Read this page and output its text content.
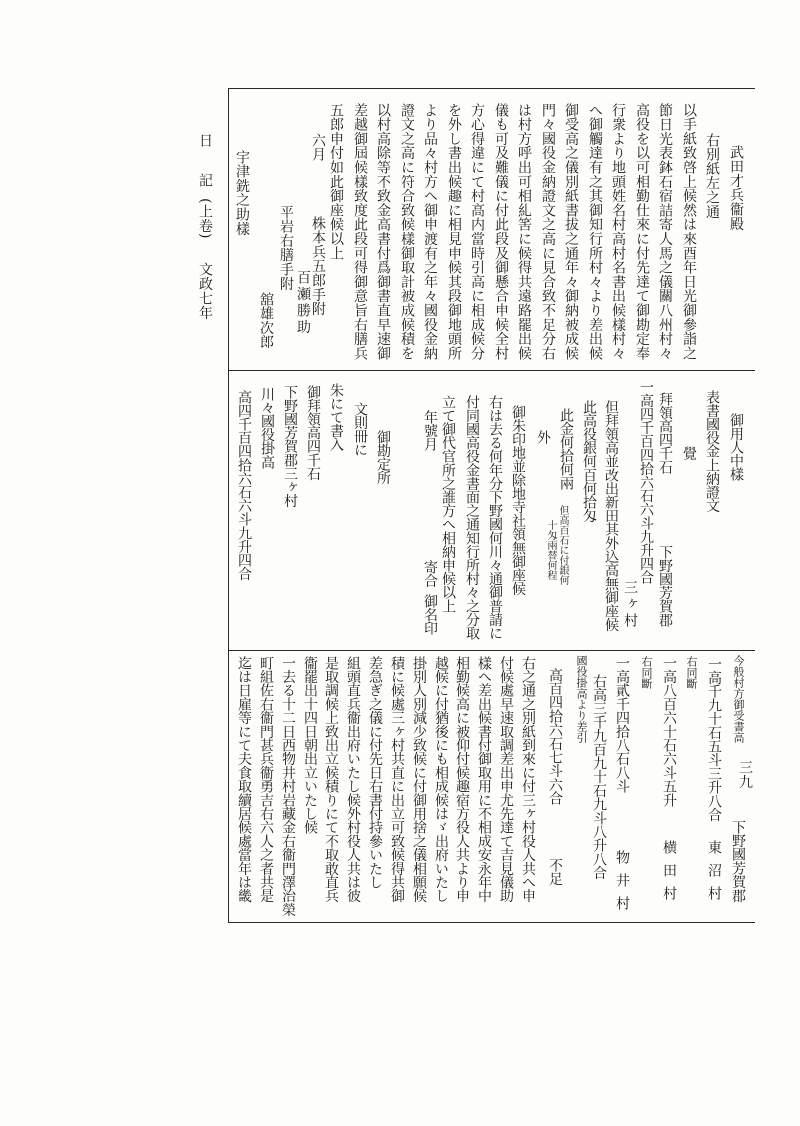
日
記
(上卷)
文政七年
三九
武田才兵衞殿
右別紙左之通
以手紙致啓上候然は來酉年日光御參詣之
節日光表鉢石宿詰寄人馬之儀關八州村々
高役を以可相勤仕來に付先達て御勘定奉
行衆より地頭姓名村高村名書出候樣村々
へ御觸達有之其御知行所村々より差出候
御受高之儀別紙書拔之通年々御納被成候
門々國役金納證文之高に見合致不足分右
は村方呼出可相糺筈に候得共遠路罷出候
儀も可及難儀に付此段及御懸合申候全村
方心得違にて村高内當時引高に相成候分
を外し書出候趣に相見申候其段御地頭所
より品々村方へ御申渡有之年々國役金納
證文之高に符合致候樣御取計被成候積を
以村高除等不致金高書付爲御書直早速御
差越御屆候樣致度此段可得御意旨右膳兵
五郎申付如此御座候以上
六月
株本兵五郎手附
百瀬勝助
平岩右膳手附
舘雄次郎
宇津銑之助樣
御用人中樣
表書國役金上納證文
覺
拜領高四千石
下野國芳賀郡
一高四千百四拾六石六斗九升四合
三ヶ村
但拜領高並改出新田其外込高無御座候
此高役銀何百何拾匁
此金何拾何兩
但高百石に付銀何
十匁兩替何程
外
御朱印地並除地寺社領無御座候
右は去る何年分下野國何川々通御普請に
付同國高役金書面之通知行所村々之分取
立て御代官所之誰方へ相納申候以上
年號月
寄合
御名印
御勘定所
文則冊に
朱にて書入
御拜領高四千石
下野國芳賀郡三ヶ村
川々國役掛高
高四千百四拾六石六斗九升四合
今般村方御受書高
下野國芳賀郡
一高千九十石五斗三升八合
東沼村
右同斷
一高八百六十石六斗五升
横田村
右同斷
一高貳千四拾八石八斗
物井村
右高三千九百九十石九斗八升八合
國役掛高より差引
高百四拾六石七斗六合
不足
右之通之別紙到來に付三ヶ村役人共へ申
付候處早速取調差出申尤先達て吉見儀助
樣へ差出候書付御取用に不相成安永年中
相勤候高に被仰付候趣宿方役人共より申
越候に付猶後にも相成候はゞ出府いたし
掛別人別減少致候に付御用捨之儀相願候
積に候處三ヶ村共直に出立可致候得共御
差急ぎ之儀に付先日右書付持參いたし
組頭直兵衞出府いたし候外村役人共は彼
是取調候上致出立候積りにて不取敢直兵
衞罷出十四日朝出立いたし候
一去る十二日西物井村岩藏金右衞門澤治榮
町組佐右衞門甚兵衞勇吉右六人之者共是
迄は日雇等にて夫食取續居候處當年は畿
